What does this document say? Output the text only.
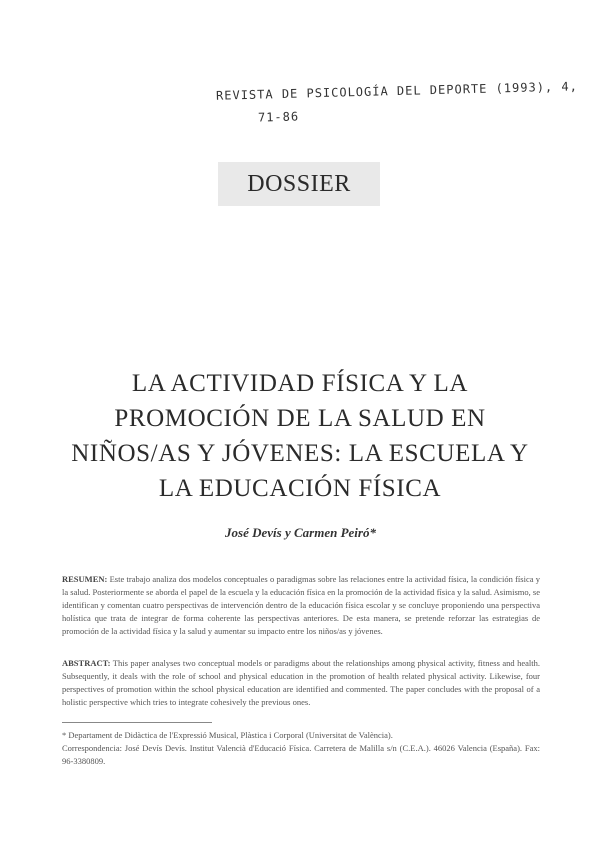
REVISTA DE PSICOLOGÍA DEL DEPORTE (1993), 4,
71-86
DOSSIER
LA ACTIVIDAD FÍSICA Y LA
PROMOCIÓN DE LA SALUD EN
NIÑOS/AS Y JÓVENES: LA ESCUELA Y
LA EDUCACIÓN FÍSICA
José Devís y Carmen Peiró*
RESUMEN: Este trabajo analiza dos modelos conceptuales o paradigmas sobre las relaciones entre la actividad física, la condición física y la salud. Posteriormente se aborda el papel de la escuela y la educación física en la promoción de la actividad física y la salud. Asimismo, se identifican y comentan cuatro perspectivas de intervención dentro de la educación física escolar y se concluye proponiendo una perspectiva holística que trata de integrar de forma coherente las perspectivas anteriores. De esta manera, se pretende reforzar las estrategias de promoción de la actividad física y la salud y aumentar su impacto entre los niños/as y jóvenes.
ABSTRACT: This paper analyses two conceptual models or paradigms about the relationships among physical activity, fitness and health. Subsequently, it deals with the role of school and physical education in the promotion of health related physical activity. Likewise, four perspectives of promotion within the school physical education are identified and commented. The paper concludes with the proposal of a holistic perspective which tries to integrate cohesively the previous ones.
* Departament de Didàctica de l'Expressió Musical, Plàstica i Corporal (Universitat de València).
Correspondencia: José Devís Devís. Institut Valencià d'Educació Física. Carretera de Malilla s/n (C.E.A.). 46026 Valencia (España). Fax: 96-3380809.
